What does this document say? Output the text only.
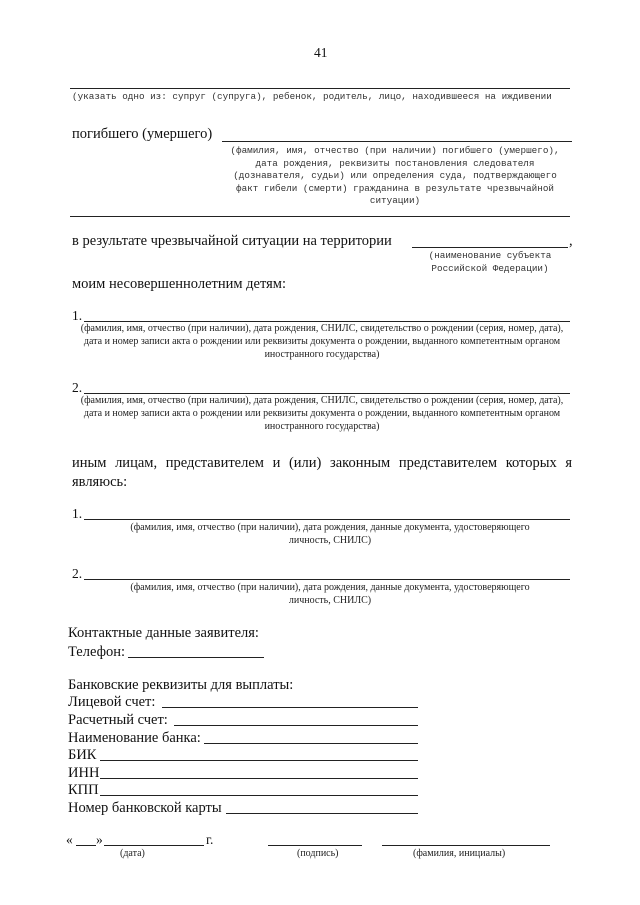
41
(указать одно из: супруг (супруга), ребенок, родитель, лицо, находившееся на иждивении
погибшего (умершего)
(фамилия, имя, отчество (при наличии) погибшего (умершего), дата рождения, реквизиты постановления следователя (дознавателя, судьи) или определения суда, подтверждающего факт гибели (смерти) гражданина в результате чрезвычайной ситуации)
в результате чрезвычайной ситуации на территории	,
(наименование субъекта Российской Федерации)
моим несовершеннолетним детям:
1.
(фамилия, имя, отчество (при наличии), дата рождения, СНИЛС, свидетельство о рождении (серия, номер, дата), дата и номер записи акта о рождении или реквизиты документа о рождении, выданного компетентным органом иностранного государства)
2.
(фамилия, имя, отчество (при наличии), дата рождения, СНИЛС, свидетельство о рождении (серия, номер, дата), дата и номер записи акта о рождении или реквизиты документа о рождении, выданного компетентным органом иностранного государства)
иным лицам, представителем и (или) законным представителем которых я являюсь:
1.
(фамилия, имя, отчество (при наличии), дата рождения, данные документа, удостоверяющего личность, СНИЛС)
2.
(фамилия, имя, отчество (при наличии), дата рождения, данные документа, удостоверяющего личность, СНИЛС)
Контактные данные заявителя:
Телефон:
Банковские реквизиты для выплаты:
Лицевой счет:
Расчетный счет:
Наименование банка:
БИК
ИНН
КПП
Номер банковской карты
« »	г.
(дата)	(подпись)	(фамилия, инициалы)
